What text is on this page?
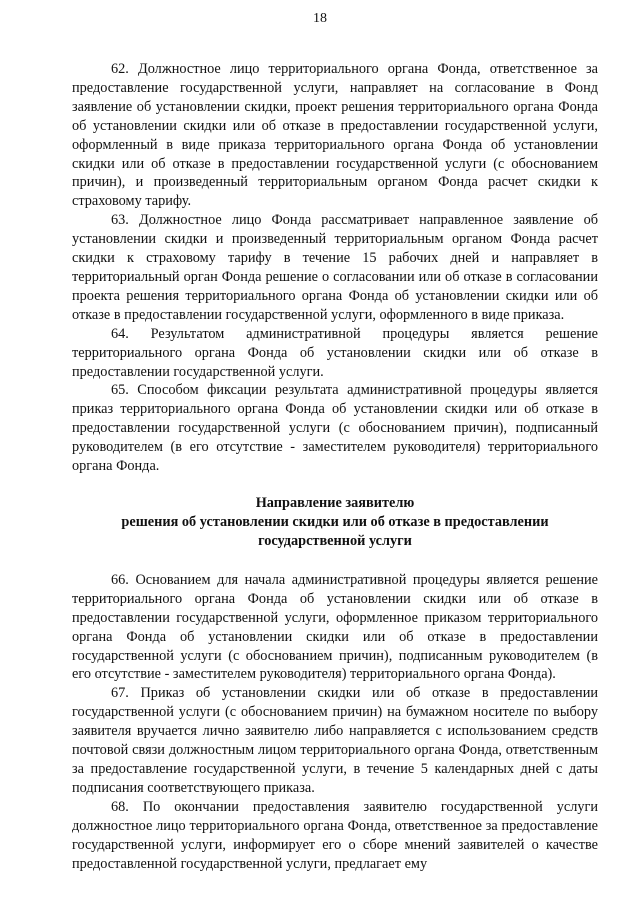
18

62. Должностное лицо территориального органа Фонда, ответственное за предоставление государственной услуги, направляет на согласование в Фонд заявление об установлении скидки, проект решения территориального органа Фонда об установлении скидки или об отказе в предоставлении государственной услуги, оформленный в виде приказа территориального органа Фонда об установлении скидки или об отказе в предоставлении государственной услуги (с обоснованием причин), и произведенный территориальным органом Фонда расчет скидки к страховому тарифу.

63. Должностное лицо Фонда рассматривает направленное заявление об установлении скидки и произведенный территориальным органом Фонда расчет скидки к страховому тарифу в течение 15 рабочих дней и направляет в территориальный орган Фонда решение о согласовании или об отказе в согласовании проекта решения территориального органа Фонда об установлении скидки или об отказе в предоставлении государственной услуги, оформленного в виде приказа.

64. Результатом административной процедуры является решение территориального органа Фонда об установлении скидки или об отказе в предоставлении государственной услуги.

65. Способом фиксации результата административной процедуры является приказ территориального органа Фонда об установлении скидки или об отказе в предоставлении государственной услуги (с обоснованием причин), подписанный руководителем (в его отсутствие - заместителем руководителя) территориального органа Фонда.

Направление заявителю
решения об установлении скидки или об отказе в предоставлении
государственной услуги

66. Основанием для начала административной процедуры является решение территориального органа Фонда об установлении скидки или об отказе в предоставлении государственной услуги, оформленное приказом территориального органа Фонда об установлении скидки или об отказе в предоставлении государственной услуги (с обоснованием причин), подписанным руководителем (в его отсутствие - заместителем руководителя) территориального органа Фонда).

67. Приказ об установлении скидки или об отказе в предоставлении государственной услуги (с обоснованием причин) на бумажном носителе по выбору заявителя вручается лично заявителю либо направляется с использованием средств почтовой связи должностным лицом территориального органа Фонда, ответственным за предоставление государственной услуги, в течение 5 календарных дней с даты подписания соответствующего приказа.

68. По окончании предоставления заявителю государственной услуги должностное лицо территориального органа Фонда, ответственное за предоставление государственной услуги, информирует его о сборе мнений заявителей о качестве предоставленной государственной услуги, предлагает ему
